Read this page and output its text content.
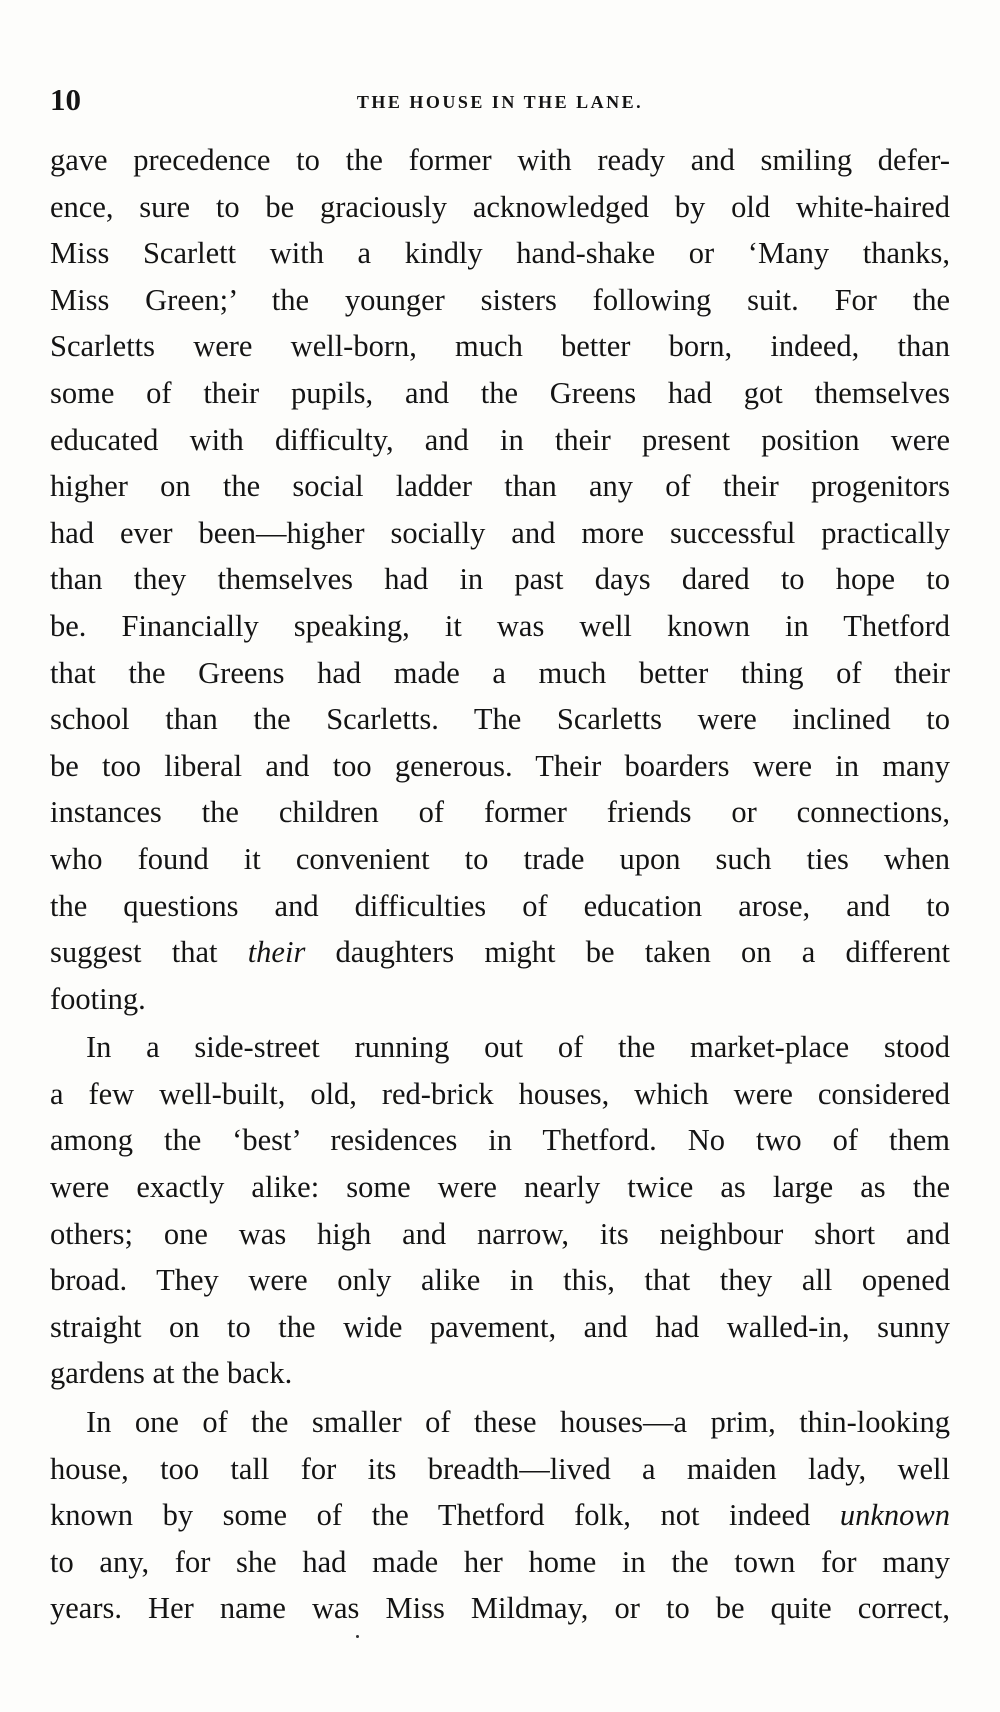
10	THE HOUSE IN THE LANE.
gave precedence to the former with ready and smiling defer-
ence, sure to be graciously acknowledged by old white-haired
Miss Scarlett with a kindly hand-shake or ‘Many thanks,
Miss Green;’ the younger sisters following suit. For the
Scarletts were well-born, much better born, indeed, than
some of their pupils, and the Greens had got themselves
educated with difficulty, and in their present position were
higher on the social ladder than any of their progenitors
had ever been—higher socially and more successful practically
than they themselves had in past days dared to hope to
be. Financially speaking, it was well known in Thetford
that the Greens had made a much better thing of their
school than the Scarletts. The Scarletts were inclined to
be too liberal and too generous. Their boarders were in many
instances the children of former friends or connections,
who found it convenient to trade upon such ties when
the questions and difficulties of education arose, and to
suggest that their daughters might be taken on a different
footing.
In a side-street running out of the market-place stood
a few well-built, old, red-brick houses, which were considered
among the ‘best’ residences in Thetford. No two of them
were exactly alike: some were nearly twice as large as the
others; one was high and narrow, its neighbour short and
broad. They were only alike in this, that they all opened
straight on to the wide pavement, and had walled-in, sunny
gardens at the back.
In one of the smaller of these houses—a prim, thin-looking
house, too tall for its breadth—lived a maiden lady, well
known by some of the Thetford folk, not indeed unknown
to any, for she had made her home in the town for many
years. Her name was Miss Mildmay, or to be quite correct,
